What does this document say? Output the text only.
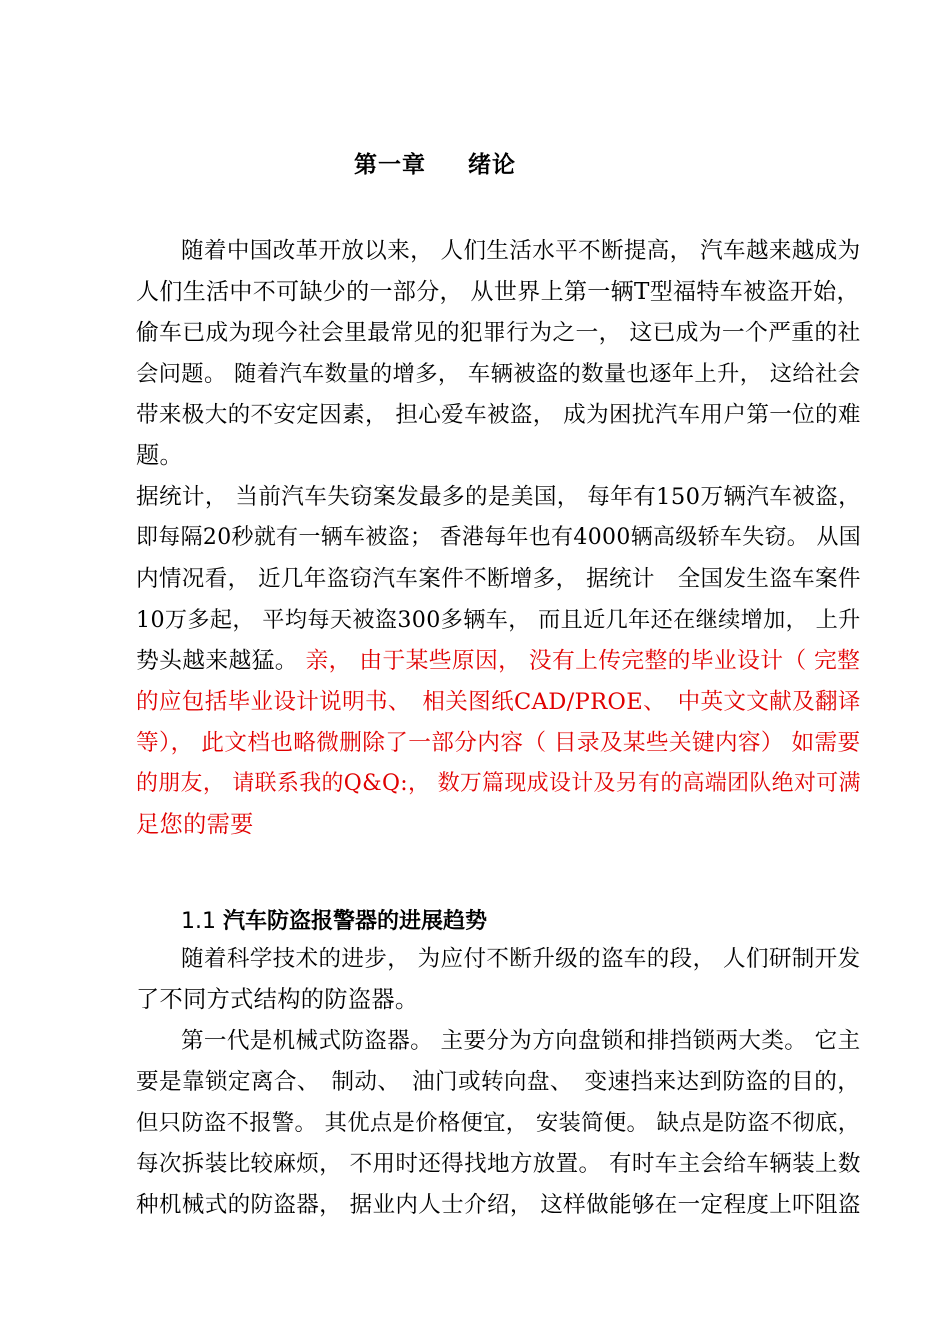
第一章 绪论
随着中国改革开放以来， 人们生活水平不断提高， 汽车越来越成为
人们生活中不可缺少的一部分， 从世界上第一辆T型福特车被盗开始，
偷车已成为现今社会里最常见的犯罪行为之一， 这已成为一个严重的社
会问题。 随着汽车数量的增多， 车辆被盗的数量也逐年上升， 这给社会
带来极大的不安定因素， 担心爱车被盗， 成为困扰汽车用户第一位的难
题。
据统计， 当前汽车失窃案发最多的是美国， 每年有150万辆汽车被盗，
即每隔20秒就有一辆车被盗； 香港每年也有4000辆高级轿车失窃。 从国
内情况看， 近几年盗窃汽车案件不断增多， 据统计　全国发生盗车案件
10万多起， 平均每天被盗300多辆车， 而且近几年还在继续增加， 上升
势头越来越猛。 亲， 由于某些原因， 没有上传完整的毕业设计（ 完整
的应包括毕业设计说明书、　相关图纸CAD/PROE、　中英文文献及翻译
等）， 此文档也略微删除了一部分内容（ 目录及某些关键内容） 如需要
的朋友， 请联系我的Q&Q:， 数万篇现成设计及另有的高端团队绝对可满
足您的需要
1.1 汽车防盗报警器的进展趋势
随着科学技术的进步， 为应付不断升级的盗车的段， 人们研制开发
了不同方式结构的防盗器。
第一代是机械式防盗器。 主要分为方向盘锁和排挡锁两大类。 它主
要是靠锁定离合、　制动、　油门或转向盘、　变速挡来达到防盗的目的，
但只防盗不报警。 其优点是价格便宜， 安装简便。 缺点是防盗不彻底，
每次拆装比较麻烦， 不用时还得找地方放置。 有时车主会给车辆装上数
种机械式的防盗器， 据业内人士介绍， 这样做能够在一定程度上吓阻盗
